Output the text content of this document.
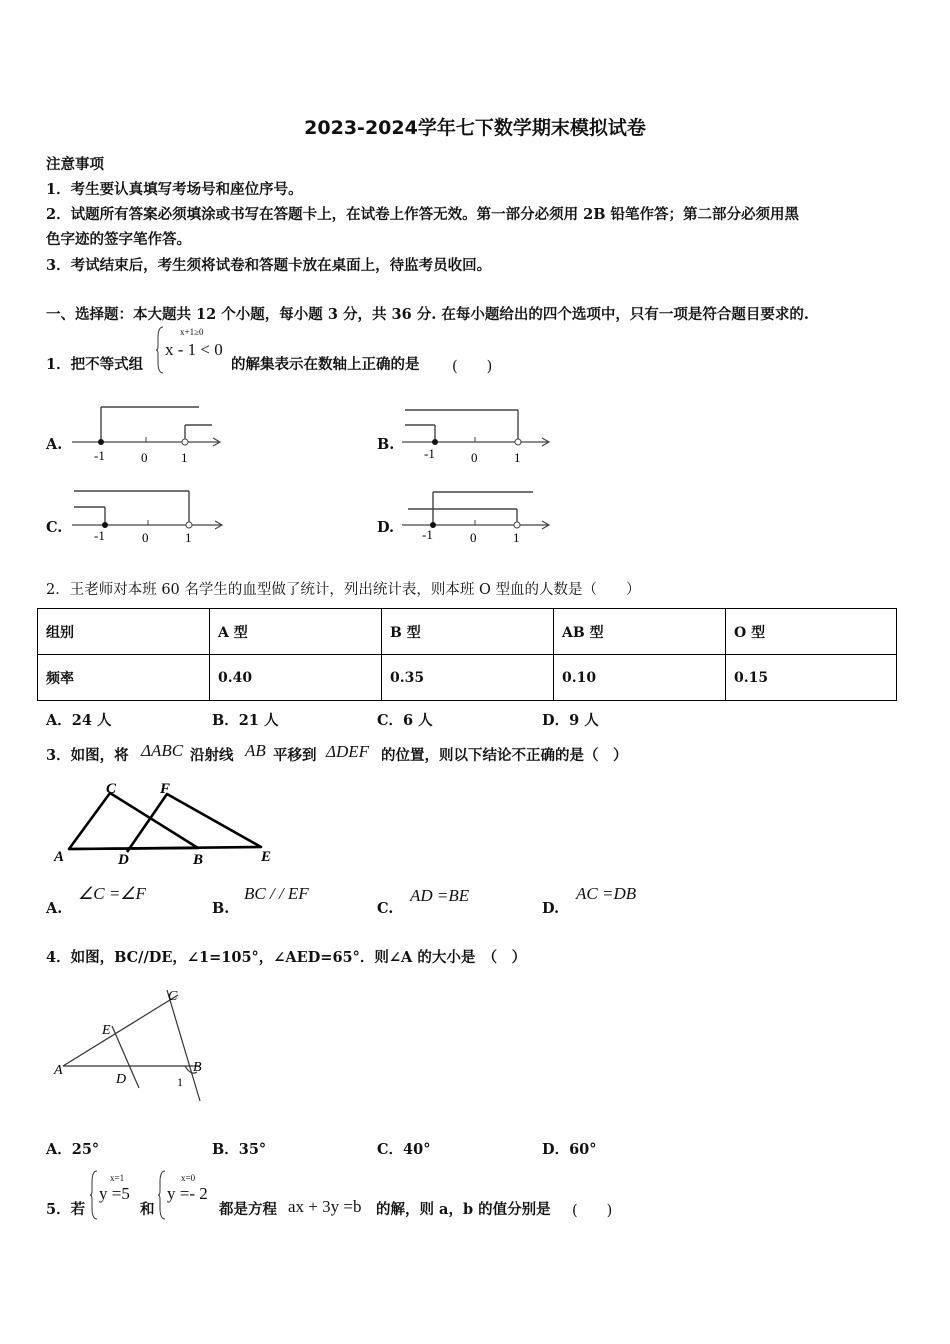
2023-2024学年七下数学期末模拟试卷
注意事项
1．考生要认真填写考场号和座位序号。
2．试题所有答案必须填涂或书写在答题卡上，在试卷上作答无效。第一部分必须用 2B 铅笔作答；第二部分必须用黑
色字迹的签字笔作答。
3．考试结束后，考生须将试卷和答题卡放在桌面上，待监考员收回。
一、选择题：本大题共 12 个小题，每小题 3 分，共 36 分. 在每小题给出的四个选项中，只有一项是符合题目要求的.
1．把不等式组
x+1≥0
x - 1 < 0
的解集表示在数轴上正确的是 (　　)
A.
-1	0	1
B.
-1	0	1
C. -1	0	1
D. -1	0	1
2．王老师对本班 60 名学生的血型做了统计，列出统计表，则本班 O 型血的人数是（　　）
组别	A 型	B 型	AB 型	O 型
频率	0.40	0.35	0.10	0.15
A．24 人	B．21 人	C．6 人	D．9 人
3．如图，将 ΔABC 沿射线 AB 平移到 ΔDEF 的位置，则以下结论不正确的是（　）
C	F
A	D	B	E
A.
∠C =∠F
B.
BC / / EF
C.
AD =BE
D.
AC =DB
4．如图，BC//DE，∠1=105°，∠AED=65°．则∠A 的大小是　（　）
C
E
A
D
B
1
A．25°	B．35°	C．40°	D．60°
5．若
x=1
y =5
和
x=0
y =- 2
都是方程 ax + 3y =b 的解，则 a，b 的值分别是 (　　)
